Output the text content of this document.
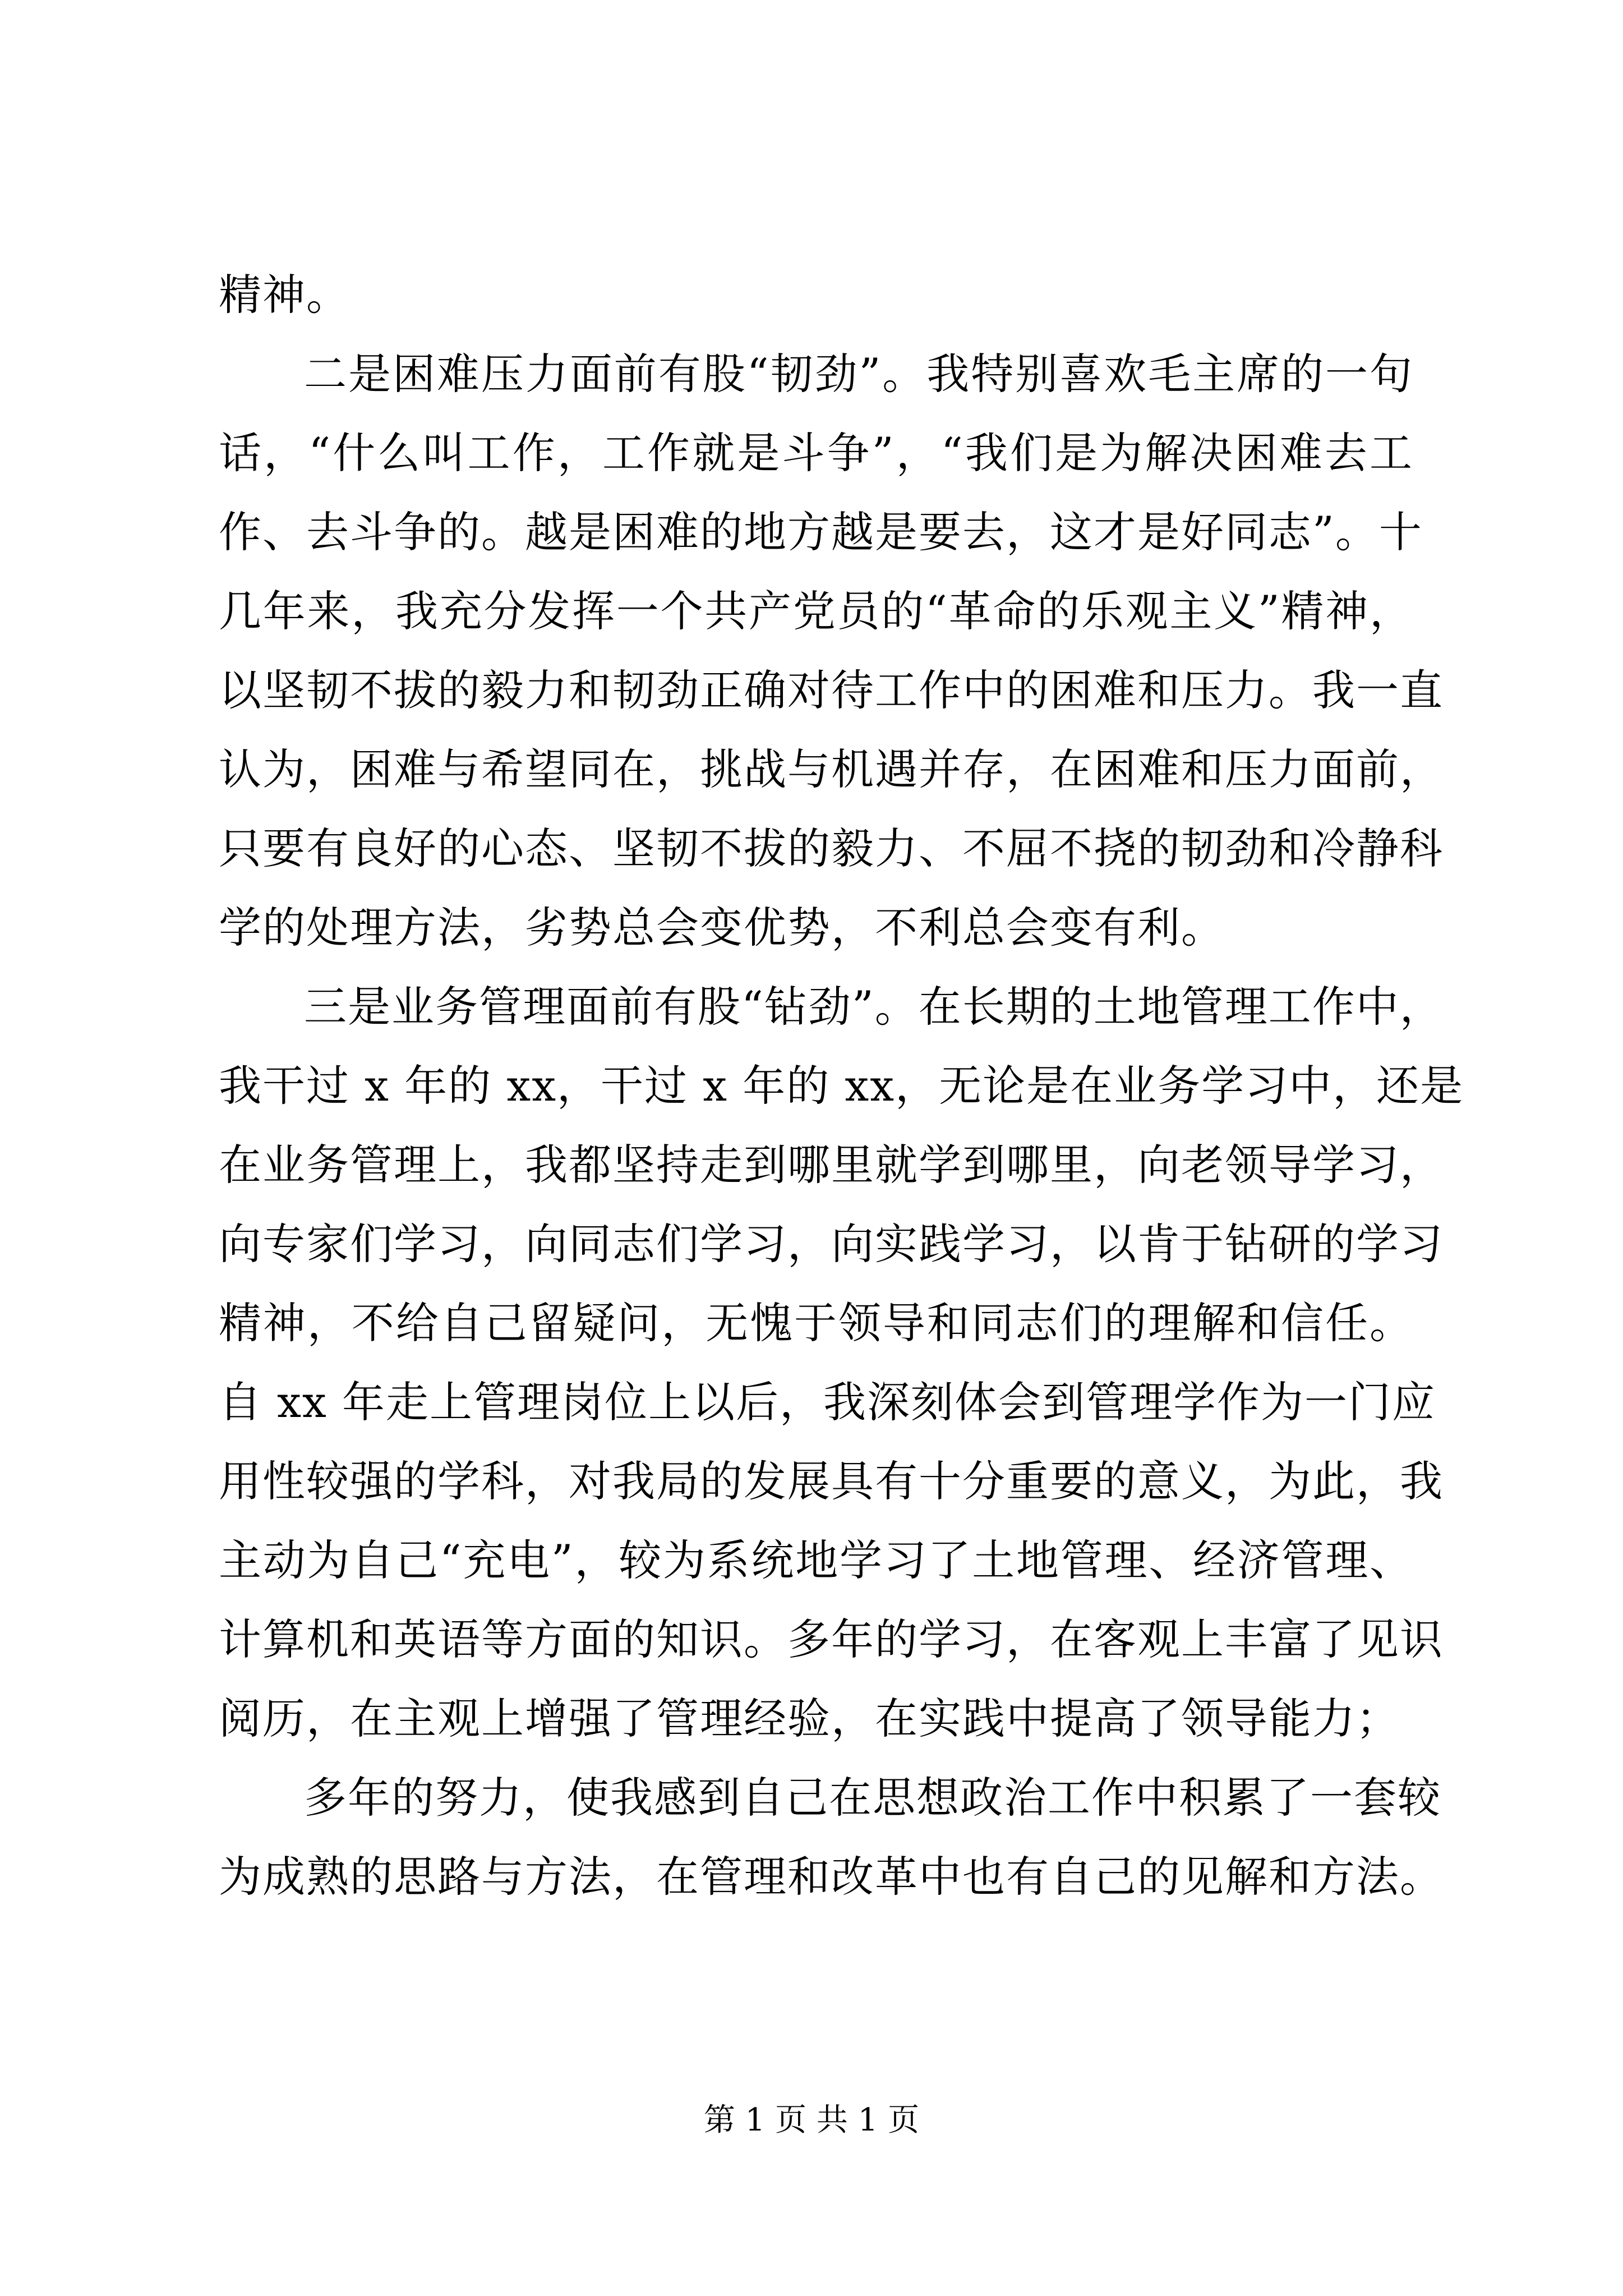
精神。
二是困难压力面前有股“韧劲”。我特别喜欢毛主席的一句
话，“什么叫工作，工作就是斗争”，“我们是为解决困难去工
作、去斗争的。越是困难的地方越是要去，这才是好同志”。十
几年来，我充分发挥一个共产党员的“革命的乐观主义”精神，
以坚韧不拔的毅力和韧劲正确对待工作中的困难和压力。我一直
认为，困难与希望同在，挑战与机遇并存，在困难和压力面前，
只要有良好的心态、坚韧不拔的毅力、不屈不挠的韧劲和冷静科
学的处理方法，劣势总会变优势，不利总会变有利。
三是业务管理面前有股“钻劲”。在长期的土地管理工作中，
我干过 x 年的 xx，干过 x 年的 xx，无论是在业务学习中，还是
在业务管理上，我都坚持走到哪里就学到哪里，向老领导学习，
向专家们学习，向同志们学习，向实践学习，以肯于钻研的学习
精神，不给自己留疑问，无愧于领导和同志们的理解和信任。
自 xx 年走上管理岗位上以后，我深刻体会到管理学作为一门应
用性较强的学科，对我局的发展具有十分重要的意义，为此，我
主动为自己“充电”，较为系统地学习了土地管理、经济管理、
计算机和英语等方面的知识。多年的学习，在客观上丰富了见识
阅历，在主观上增强了管理经验，在实践中提高了领导能力；
多年的努力，使我感到自己在思想政治工作中积累了一套较
为成熟的思路与方法，在管理和改革中也有自己的见解和方法。
第 1 页 共 1 页
